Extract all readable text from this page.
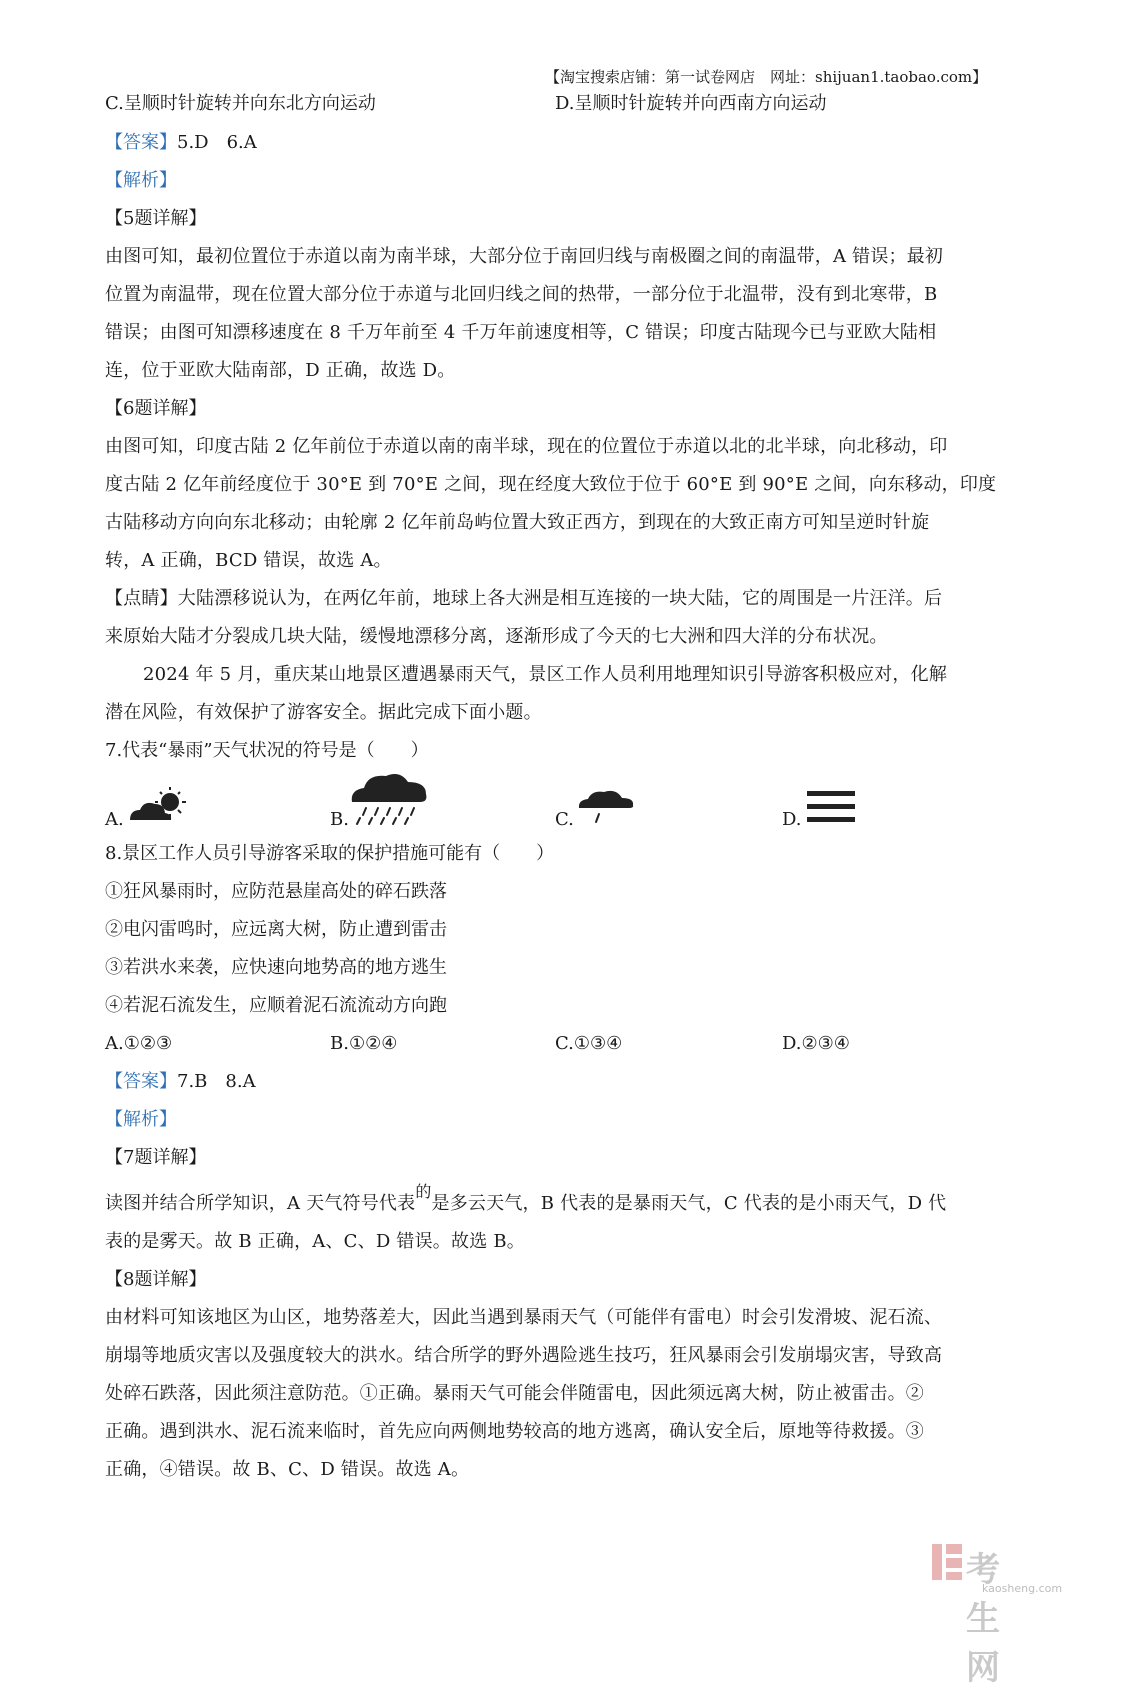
【淘宝搜索店铺：第一试卷网店　网址：shijuan1.taobao.com】
C.呈顺时针旋转并向东北方向运动	D.呈顺时针旋转并向西南方向运动
【答案】5.D　6.A
【解析】
【5题详解】
由图可知，最初位置位于赤道以南为南半球，大部分位于南回归线与南极圈之间的南温带，A 错误；最初
位置为南温带，现在位置大部分位于赤道与北回归线之间的热带，一部分位于北温带，没有到北寒带，B
错误；由图可知漂移速度在 8 千万年前至 4 千万年前速度相等，C 错误；印度古陆现今已与亚欧大陆相
连，位于亚欧大陆南部，D 正确，故选 D。
【6题详解】
由图可知，印度古陆 2 亿年前位于赤道以南的南半球，现在的位置位于赤道以北的北半球，向北移动，印
度古陆 2 亿年前经度位于 30°E 到 70°E 之间，现在经度大致位于位于 60°E 到 90°E 之间，向东移动，印度
古陆移动方向向东北移动；由轮廓 2 亿年前岛屿位置大致正西方，到现在的大致正南方可知呈逆时针旋
转，A 正确，BCD 错误，故选 A。
【点睛】大陆漂移说认为，在两亿年前，地球上各大洲是相互连接的一块大陆，它的周围是一片汪洋。后
来原始大陆才分裂成几块大陆，缓慢地漂移分离，逐渐形成了今天的七大洲和四大洋的分布状况。
2024 年 5 月，重庆某山地景区遭遇暴雨天气，景区工作人员利用地理知识引导游客积极应对，化解
潜在风险，有效保护了游客安全。据此完成下面小题。
7.代表“暴雨”天气状况的符号是（　　）
A.	B.	C.	D.
8.景区工作人员引导游客采取的保护措施可能有（　　）
①狂风暴雨时，应防范悬崖高处的碎石跌落
②电闪雷鸣时，应远离大树，防止遭到雷击
③若洪水来袭，应快速向地势高的地方逃生
④若泥石流发生，应顺着泥石流流动方向跑
A.①②③	B.①②④	C.①③④	D.②③④
【答案】7.B　8.A
【解析】
【7题详解】
读图并结合所学知识，A 天气符号代表的是多云天气，B 代表的是暴雨天气，C 代表的是小雨天气，D 代
表的是雾天。故 B 正确，A、C、D 错误。故选 B。
【8题详解】
由材料可知该地区为山区，地势落差大，因此当遇到暴雨天气（可能伴有雷电）时会引发滑坡、泥石流、
崩塌等地质灾害以及强度较大的洪水。结合所学的野外遇险逃生技巧，狂风暴雨会引发崩塌灾害，导致高
处碎石跌落，因此须注意防范。①正确。暴雨天气可能会伴随雷电，因此须远离大树，防止被雷击。②
正确。遇到洪水、泥石流来临时，首先应向两侧地势较高的地方逃离，确认安全后，原地等待救援。③
正确，④错误。故 B、C、D 错误。故选 A。
考生网
kaosheng.com
